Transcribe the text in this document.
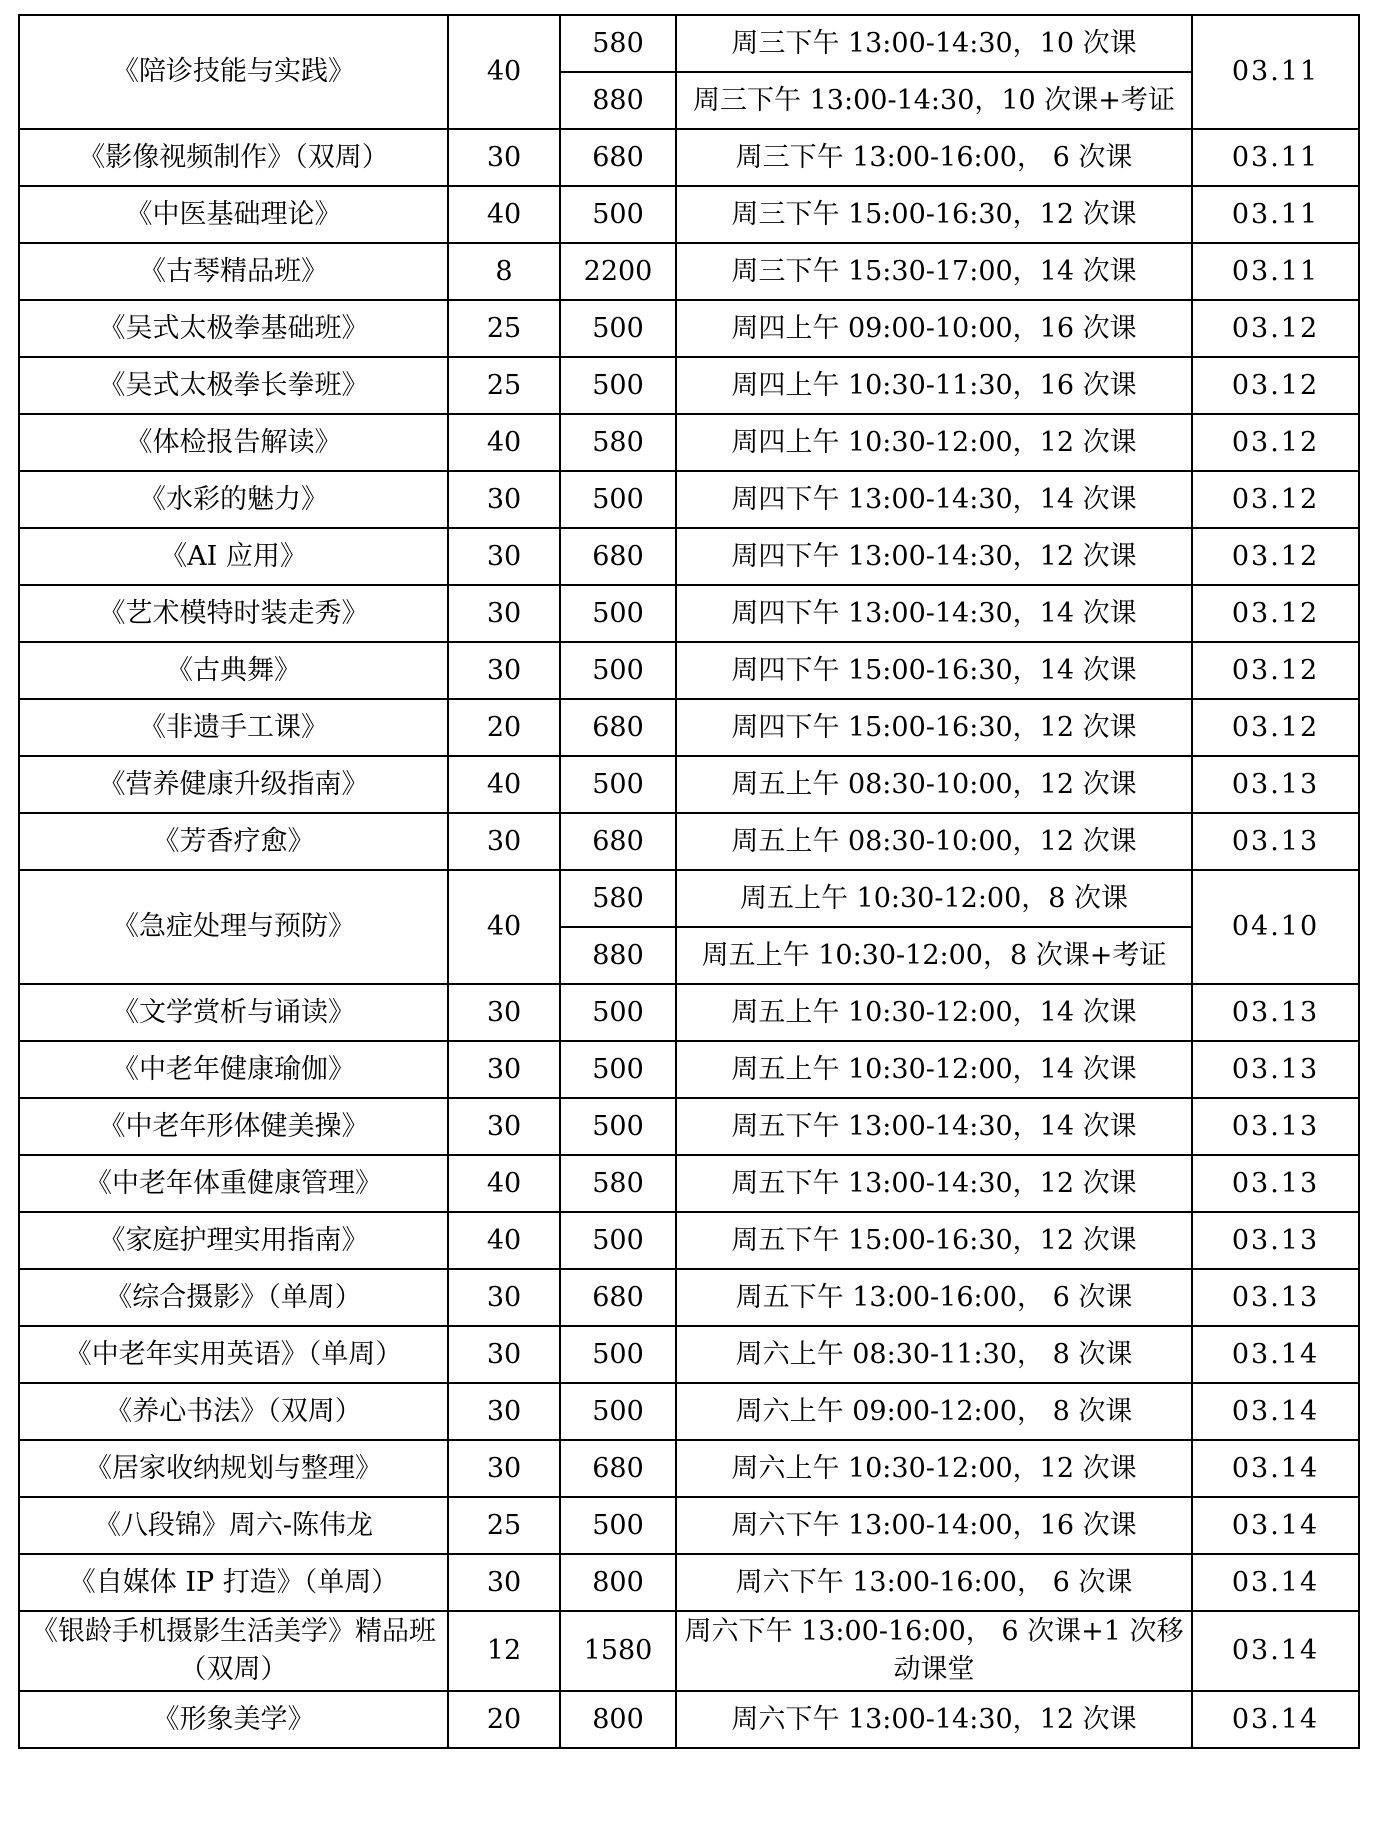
《陪诊技能与实践》	40	580	周三下午 13:00-14:30，10 次课	03.11
		880	周三下午 13:00-14:30，10 次课+考证	
《影像视频制作》（双周）	30	680	周三下午 13:00-16:00， 6 次课	03.11
《中医基础理论》	40	500	周三下午 15:00-16:30，12 次课	03.11
《古琴精品班》	8	2200	周三下午 15:30-17:00，14 次课	03.11
《吴式太极拳基础班》	25	500	周四上午 09:00-10:00，16 次课	03.12
《吴式太极拳长拳班》	25	500	周四上午 10:30-11:30，16 次课	03.12
《体检报告解读》	40	580	周四上午 10:30-12:00，12 次课	03.12
《水彩的魅力》	30	500	周四下午 13:00-14:30，14 次课	03.12
《AI 应用》	30	680	周四下午 13:00-14:30，12 次课	03.12
《艺术模特时装走秀》	30	500	周四下午 13:00-14:30，14 次课	03.12
《古典舞》	30	500	周四下午 15:00-16:30，14 次课	03.12
《非遗手工课》	20	680	周四下午 15:00-16:30，12 次课	03.12
《营养健康升级指南》	40	500	周五上午 08:30-10:00，12 次课	03.13
《芳香疗愈》	30	680	周五上午 08:30-10:00，12 次课	03.13
《急症处理与预防》	40	580	周五上午 10:30-12:00，8 次课	04.10
		880	周五上午 10:30-12:00，8 次课+考证	
《文学赏析与诵读》	30	500	周五上午 10:30-12:00，14 次课	03.13
《中老年健康瑜伽》	30	500	周五上午 10:30-12:00，14 次课	03.13
《中老年形体健美操》	30	500	周五下午 13:00-14:30，14 次课	03.13
《中老年体重健康管理》	40	580	周五下午 13:00-14:30，12 次课	03.13
《家庭护理实用指南》	40	500	周五下午 15:00-16:30，12 次课	03.13
《综合摄影》（单周）	30	680	周五下午 13:00-16:00， 6 次课	03.13
《中老年实用英语》（单周）	30	500	周六上午 08:30-11:30， 8 次课	03.14
《养心书法》（双周）	30	500	周六上午 09:00-12:00， 8 次课	03.14
《居家收纳规划与整理》	30	680	周六上午 10:30-12:00，12 次课	03.14
《八段锦》周六-陈伟龙	25	500	周六下午 13:00-14:00，16 次课	03.14
《自媒体 IP 打造》（单周）	30	800	周六下午 13:00-16:00， 6 次课	03.14
《银龄手机摄影生活美学》精品班（双周）	12	1580	周六下午 13:00-16:00， 6 次课+1 次移动课堂	03.14
《形象美学》	20	800	周六下午 13:00-14:30，12 次课	03.14
